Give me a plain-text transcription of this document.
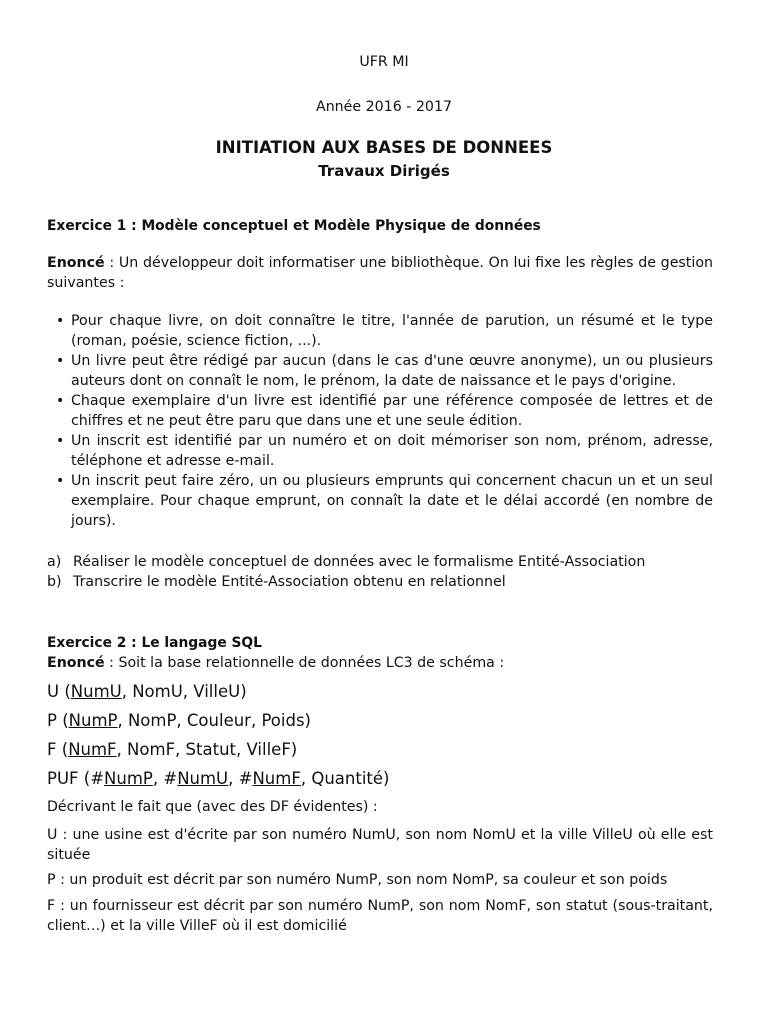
UFR MI
Année 2016 - 2017
INITIATION AUX BASES DE DONNEES
Travaux Dirigés
Exercice 1 : Modèle conceptuel et Modèle Physique de données
Enoncé : Un développeur doit informatiser une bibliothèque. On lui fixe les règles de gestion suivantes :
• Pour chaque livre, on doit connaître le titre, l'année de parution, un résumé et le type (roman, poésie, science fiction, ...).
• Un livre peut être rédigé par aucun (dans le cas d'une œuvre anonyme), un ou plusieurs auteurs dont on connaît le nom, le prénom, la date de naissance et le pays d'origine.
• Chaque exemplaire d'un livre est identifié par une référence composée de lettres et de chiffres et ne peut être paru que dans une et une seule édition.
• Un inscrit est identifié par un numéro et on doit mémoriser son nom, prénom, adresse, téléphone et adresse e-mail.
• Un inscrit peut faire zéro, un ou plusieurs emprunts qui concernent chacun un et un seul exemplaire. Pour chaque emprunt, on connaît la date et le délai accordé (en nombre de jours).
a) Réaliser le modèle conceptuel de données avec le formalisme Entité-Association
b) Transcrire le modèle Entité-Association obtenu en relationnel
Exercice 2 : Le langage SQL
Enoncé : Soit la base relationnelle de données LC3 de schéma :
U (NumU, NomU, VilleU)
P (NumP, NomP, Couleur, Poids)
F (NumF, NomF, Statut, VilleF)
PUF (#NumP, #NumU, #NumF, Quantité)
Décrivant le fait que (avec des DF évidentes) :
U : une usine est d'écrite par son numéro NumU, son nom NomU et la ville VilleU où elle est située
P : un produit est décrit par son numéro NumP, son nom NomP, sa couleur et son poids
F : un fournisseur est décrit par son numéro NumP, son nom NomF, son statut (sous-traitant, client…) et la ville VilleF où il est domicilié
